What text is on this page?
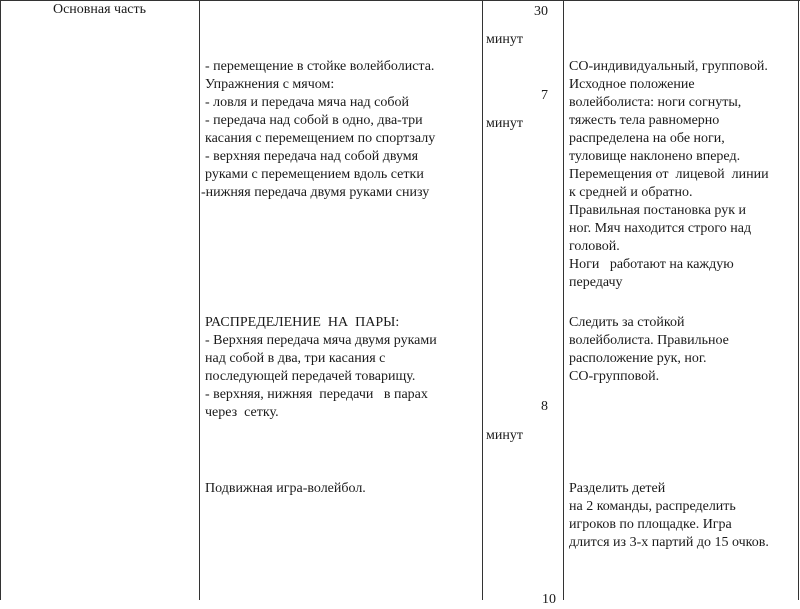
Основная часть
- перемещение в стойке волейболиста.
Упражнения с мячом:
- ловля и передача мяча над собой
- передача над собой в одно, два-три
касания с перемещением по спортзалу
- верхняя передача над собой двумя
руками с перемещением вдоль сетки
-нижняя передача двумя руками снизу
РАСПРЕДЕЛЕНИЕ  НА  ПАРЫ:
- Верхняя передача мяча двумя руками
над собой в два, три касания с
последующей передачей товарищу.
- верхняя, нижняя  передачи   в парах
через  сетку.
Подвижная игра-волейбол.
30
минут
7
минут
8
минут
10
СО-индивидуальный, групповой.
Исходное положение
волейболиста: ноги согнуты,
тяжесть тела равномерно
распределена на обе ноги,
туловище наклонено вперед.
Перемещения от  лицевой  линии
к средней и обратно.
Правильная постановка рук и
ног. Мяч находится строго над
головой.
Ноги   работают на каждую
передачу
Следить за стойкой
волейболиста. Правильное
расположение рук, ног.
СО-групповой.
Разделить детей
на 2 команды, распределить
игроков по площадке. Игра
длится из 3-х партий до 15 очков.
